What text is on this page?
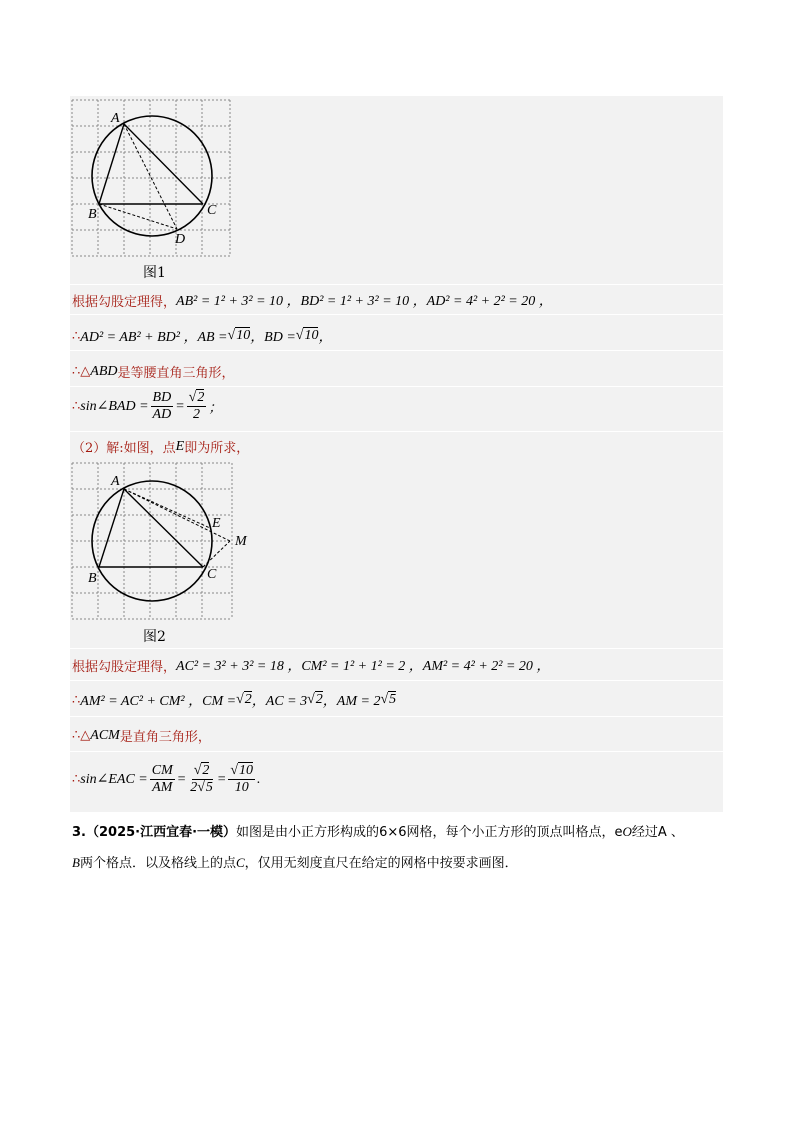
A
B	C
D
图1
根据勾股定理得， AB² = 1² + 3² = 10 ，BD² = 1² + 3² = 10 ，AD² = 4² + 2² = 20 ，
∴ AD² = AB² + BD² ，AB = √10 ，BD = √10 ，
∴△ ABD 是等腰直角三角形，
∴ sin∠BAD = $\frac{BD}{AD} = \frac{√2}{2}$ ；
（2）解:如图，点 E 即为所求，
A
B	C
E
M
图2
根据勾股定理得， AC² = 3² + 3² = 18 ，CM² = 1² + 1² = 2 ，AM² = 4² + 2² = 20 ，
∴ AM² = AC² + CM² ，CM = √2 ，AC = 3 √2 ，AM = 2 √5
∴△ ACM 是直角三角形，
∴ sin∠EAC = $\frac{CM}{AM} = \frac{√2}{2√5} = \frac{√10}{10}$ .
3.（2025·江西宜春·一模）如图是由小正方形构成的6×6网格，每个小正方形的顶点叫格点，eO经过A 、
B两个格点．以及格线上的点C，仅用无刻度直尺在给定的网格中按要求画图．
